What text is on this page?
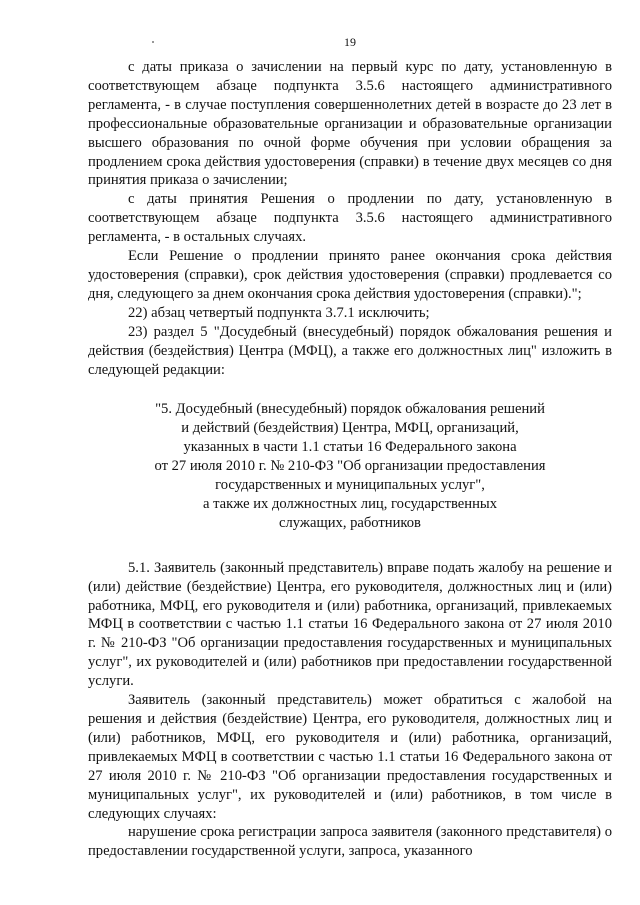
19

с даты приказа о зачислении на первый курс по дату, установленную в соответствующем абзаце подпункта 3.5.6 настоящего административного регламента, - в случае поступления совершеннолетних детей в возрасте до 23 лет в профессиональные образовательные организации и образовательные организации высшего образования по очной форме обучения при условии обращения за продлением срока действия удостоверения (справки) в течение двух месяцев со дня принятия приказа о зачислении;

с даты принятия Решения о продлении по дату, установленную в соответствующем абзаце подпункта 3.5.6 настоящего административного регламента, - в остальных случаях.

Если Решение о продлении принято ранее окончания срока действия удостоверения (справки), срок действия удостоверения (справки) продлевается со дня, следующего за днем окончания срока действия удостоверения (справки).";

22) абзац четвертый подпункта 3.7.1 исключить;

23) раздел 5 "Досудебный (внесудебный) порядок обжалования решения и действия (бездействия) Центра (МФЦ), а также его должностных лиц" изложить в следующей редакции:

"5. Досудебный (внесудебный) порядок обжалования решений

и действий (бездействия) Центра, МФЦ, организаций,

указанных в части 1.1 статьи 16 Федерального закона

от 27 июля 2010 г. № 210-ФЗ "Об организации предоставления

государственных и муниципальных услуг",

а также их должностных лиц, государственных

служащих, работников

5.1. Заявитель (законный представитель) вправе подать жалобу на решение и (или) действие (бездействие) Центра, его руководителя, должностных лиц и (или) работника, МФЦ, его руководителя и (или) работника, организаций, привлекаемых МФЦ в соответствии с частью 1.1 статьи 16 Федерального закона от 27 июля 2010 г. № 210-ФЗ "Об организации предоставления государственных и муниципальных услуг", их руководителей и (или) работников при предоставлении государственной услуги.

Заявитель (законный представитель) может обратиться с жалобой на решения и действия (бездействие) Центра, его руководителя, должностных лиц и (или) работников, МФЦ, его руководителя и (или) работника, организаций, привлекаемых МФЦ в соответствии с частью 1.1 статьи 16 Федерального закона от 27 июля 2010 г. № 210-ФЗ "Об организации предоставления государственных и муниципальных услуг", их руководителей и (или) работников, в том числе в следующих случаях:

нарушение срока регистрации запроса заявителя (законного представителя) о предоставлении государственной услуги, запроса, указанного
